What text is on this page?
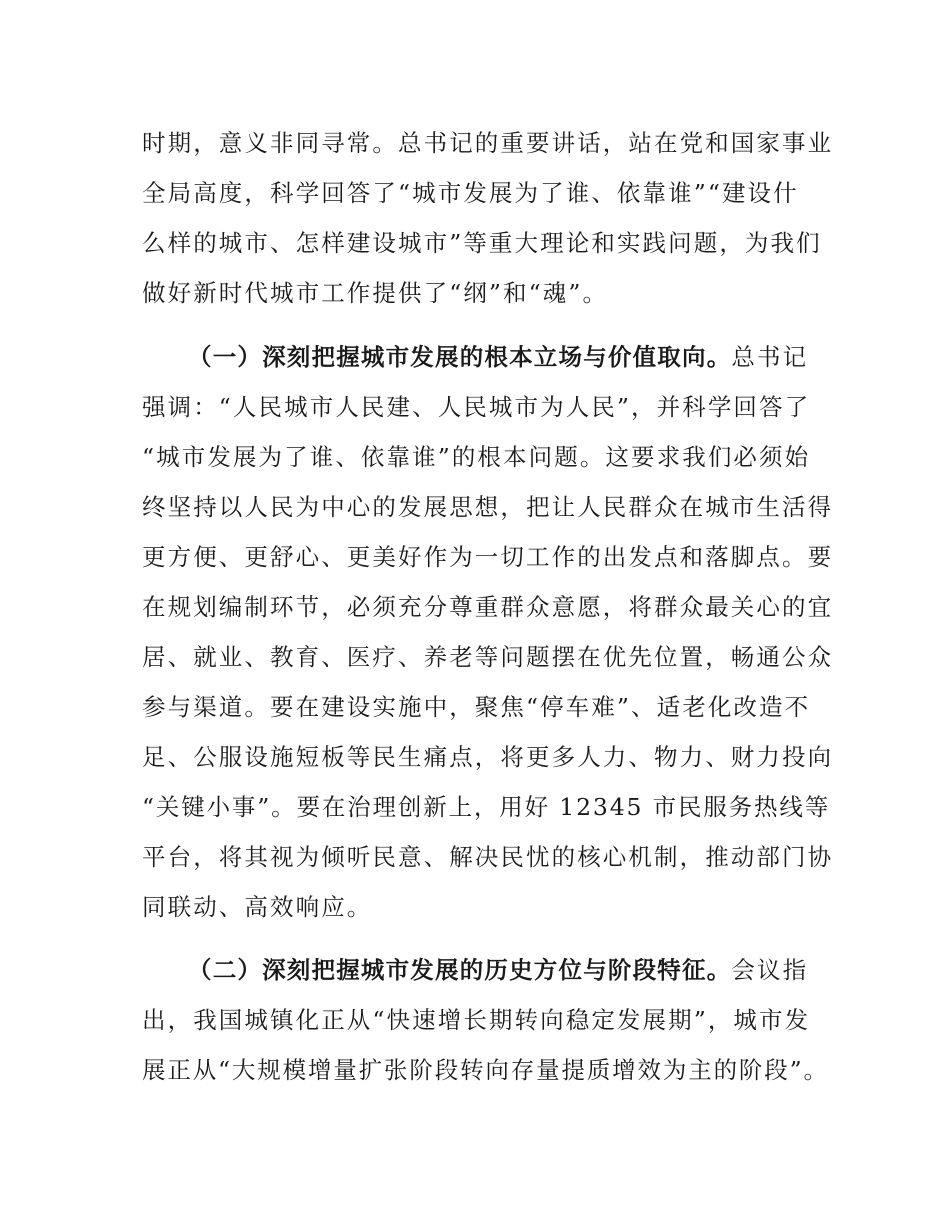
时期，意义非同寻常。总书记的重要讲话，站在党和国家事业
全局高度，科学回答了“城市发展为了谁、依靠谁”“建设什
么样的城市、怎样建设城市”等重大理论和实践问题，为我们
做好新时代城市工作提供了“纲”和“魂”。
（一）深刻把握城市发展的根本立场与价值取向。总书记
强调：“人民城市人民建、人民城市为人民”，并科学回答了
“城市发展为了谁、依靠谁”的根本问题。这要求我们必须始
终坚持以人民为中心的发展思想，把让人民群众在城市生活得
更方便、更舒心、更美好作为一切工作的出发点和落脚点。要
在规划编制环节，必须充分尊重群众意愿，将群众最关心的宜
居、就业、教育、医疗、养老等问题摆在优先位置，畅通公众
参与渠道。要在建设实施中，聚焦“停车难”、适老化改造不
足、公服设施短板等民生痛点，将更多人力、物力、财力投向
“关键小事”。要在治理创新上，用好 12345 市民服务热线等
平台，将其视为倾听民意、解决民忧的核心机制，推动部门协
同联动、高效响应。
（二）深刻把握城市发展的历史方位与阶段特征。会议指
出，我国城镇化正从“快速增长期转向稳定发展期”，城市发
展正从“大规模增量扩张阶段转向存量提质增效为主的阶段”。
